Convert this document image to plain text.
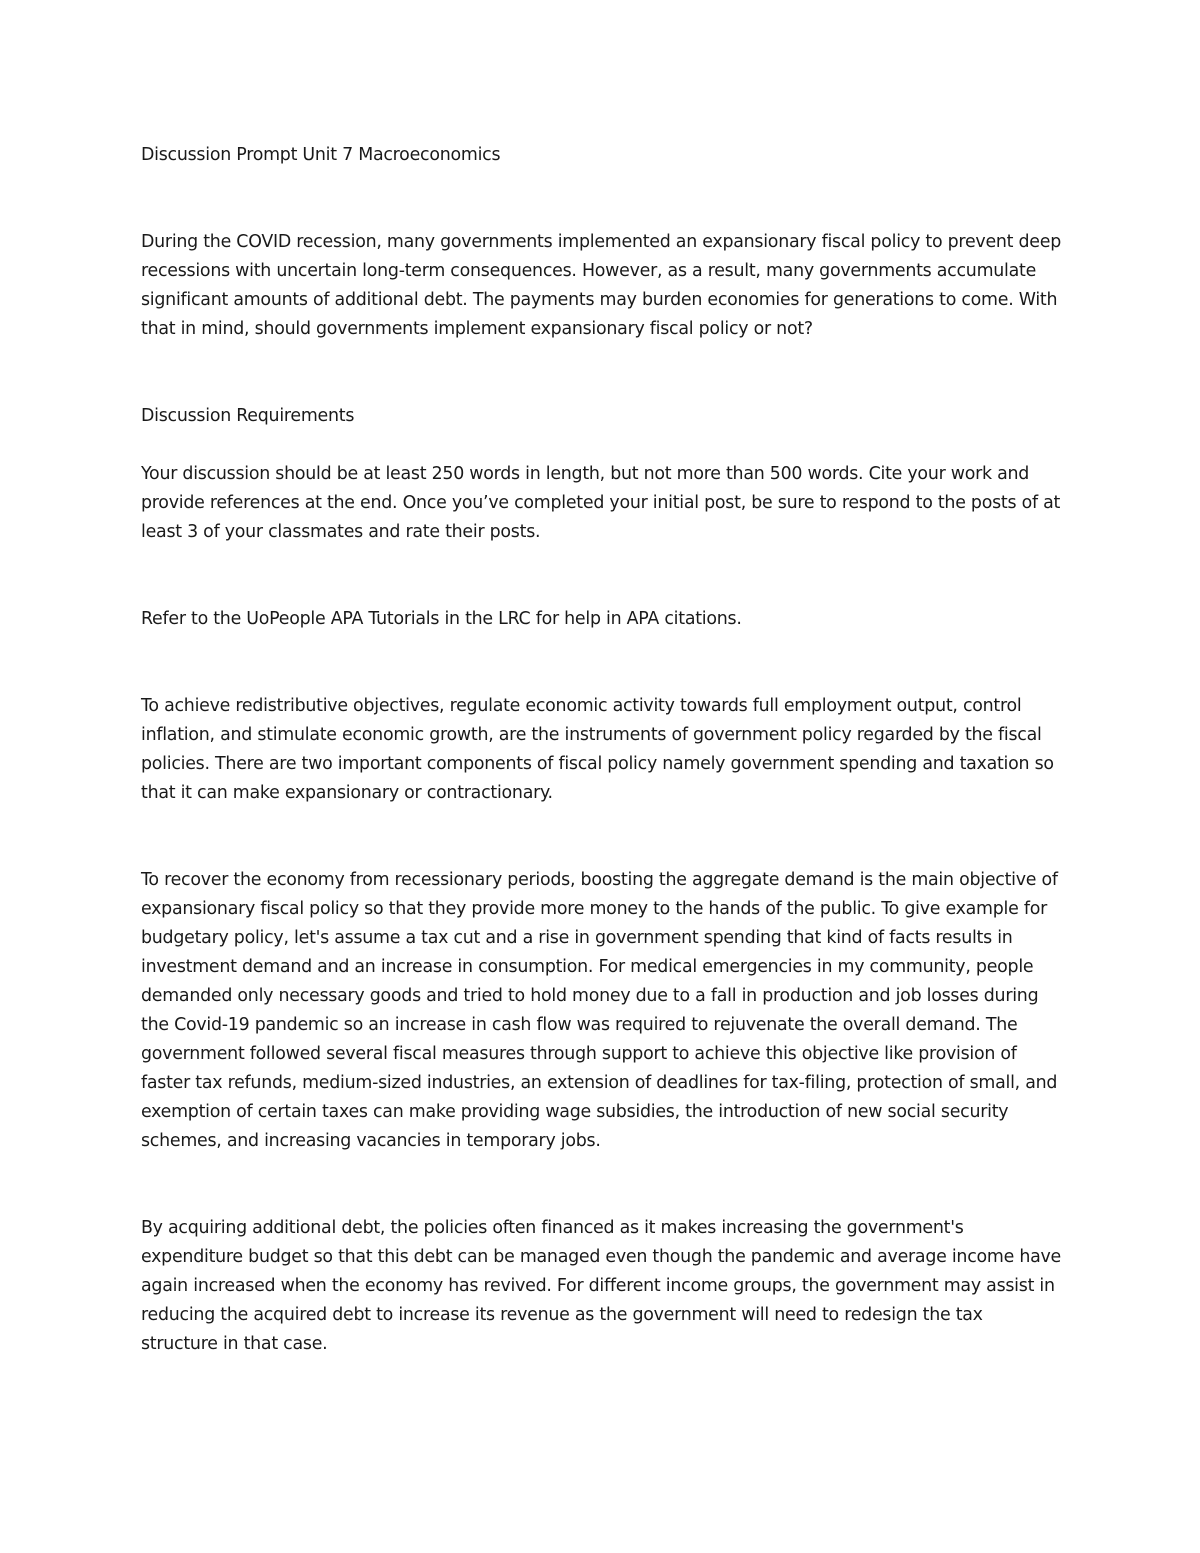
Discussion Prompt Unit 7 Macroeconomics

During the COVID recession, many governments implemented an expansionary fiscal policy to prevent deep recessions with uncertain long-term consequences. However, as a result, many governments accumulate significant amounts of additional debt. The payments may burden economies for generations to come. With that in mind, should governments implement expansionary fiscal policy or not?

Discussion Requirements

Your discussion should be at least 250 words in length, but not more than 500 words. Cite your work and provide references at the end. Once you’ve completed your initial post, be sure to respond to the posts of at least 3 of your classmates and rate their posts.

Refer to the UoPeople APA Tutorials in the LRC for help in APA citations.

To achieve redistributive objectives, regulate economic activity towards full employment output, control inflation, and stimulate economic growth, are the instruments of government policy regarded by the fiscal policies. There are two important components of fiscal policy namely government spending and taxation so that it can make expansionary or contractionary.

To recover the economy from recessionary periods, boosting the aggregate demand is the main objective of expansionary fiscal policy so that they provide more money to the hands of the public. To give example for budgetary policy, let's assume a tax cut and a rise in government spending that kind of facts results in investment demand and an increase in consumption. For medical emergencies in my community, people demanded only necessary goods and tried to hold money due to a fall in production and job losses during the Covid-19 pandemic so an increase in cash flow was required to rejuvenate the overall demand. The government followed several fiscal measures through support to achieve this objective like provision of faster tax refunds, medium-sized industries, an extension of deadlines for tax-filing, protection of small, and exemption of certain taxes can make providing wage subsidies, the introduction of new social security schemes, and increasing vacancies in temporary jobs.

By acquiring additional debt, the policies often financed as it makes increasing the government's expenditure budget so that this debt can be managed even though the pandemic and average income have again increased when the economy has revived. For different income groups, the government may assist in reducing the acquired debt to increase its revenue as the government will need to redesign the tax structure in that case.
